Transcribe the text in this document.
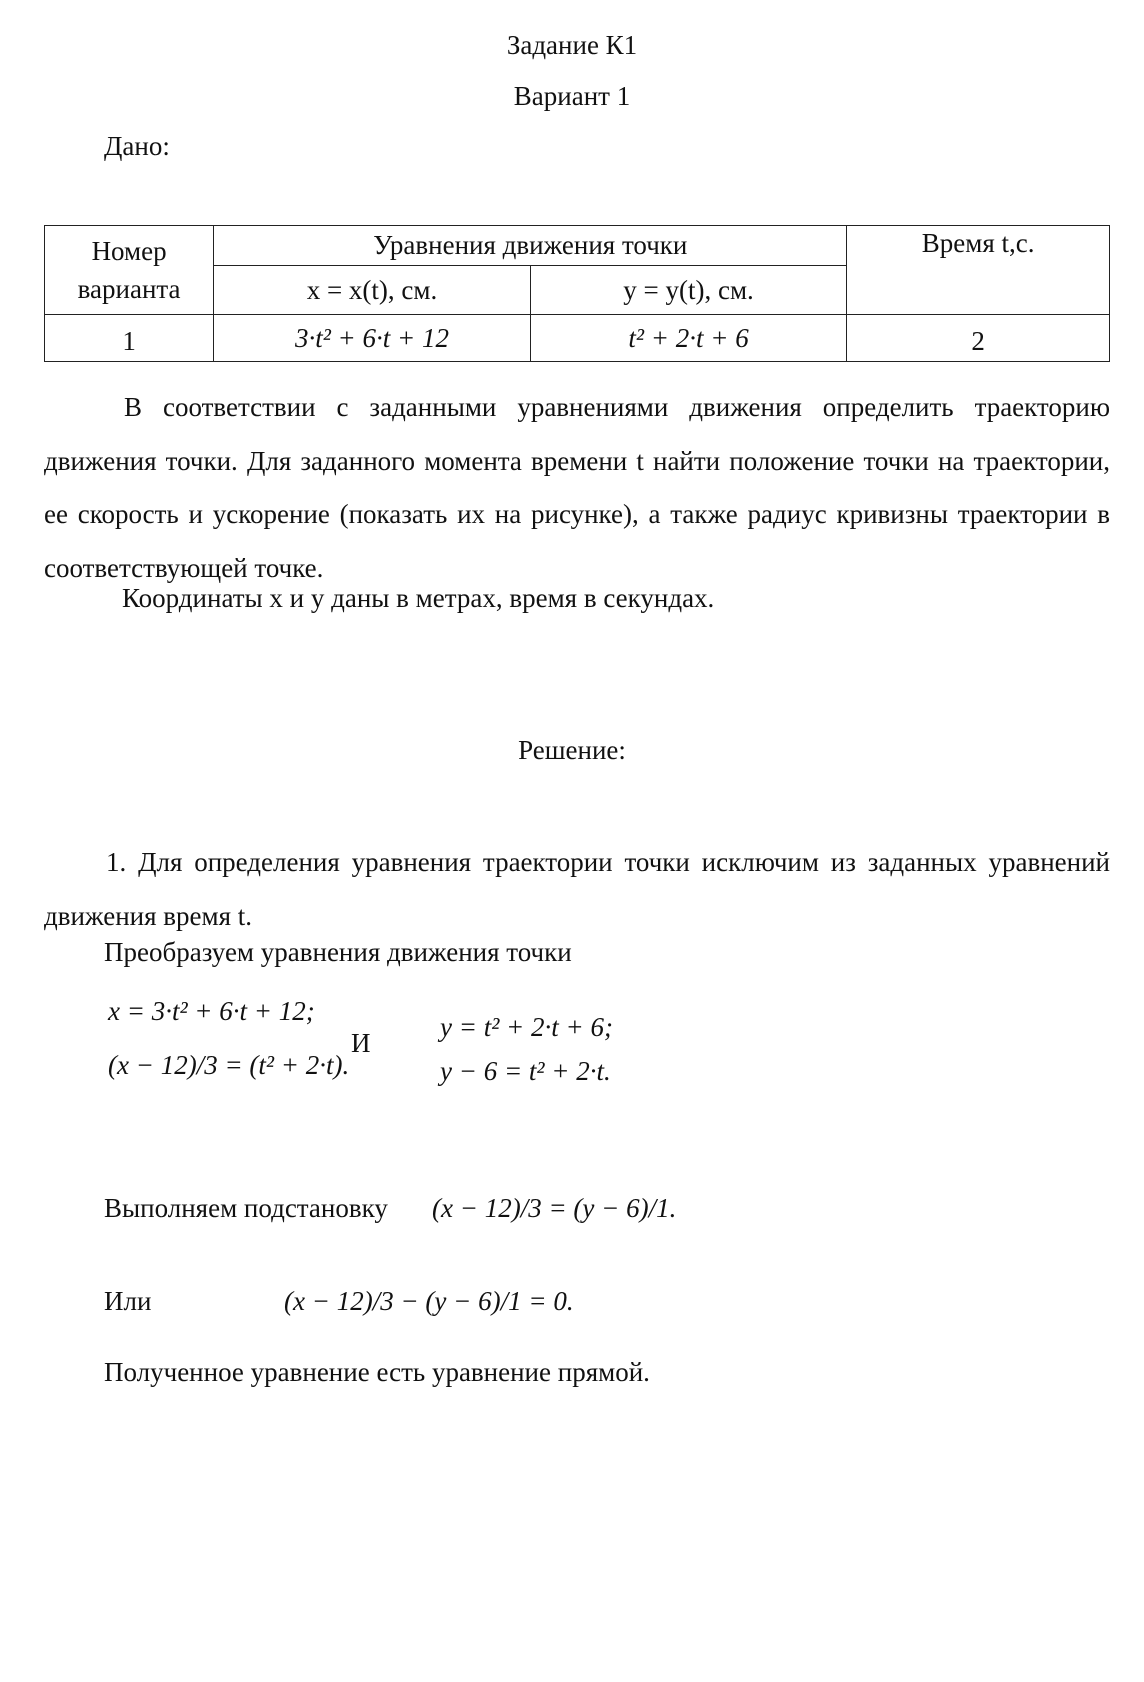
Задание К1
Вариант 1
Дано:
Номер варианта	Уравнения движения точки		Время t,c.
	x = x(t), см.	y = y(t), см.	
1	3·t² + 6·t + 12	t² + 2·t + 6	2
В соответствии с заданными уравнениями движения определить траекторию движения точки. Для заданного момента времени t найти положение точки на траектории, ее скорость и ускорение (показать их на рисунке), а также радиус кривизны траектории в соответствующей точке.
Координаты x и y даны в метрах, время в секундах.
Решение:
1. Для определения уравнения траектории точки исключим из заданных уравнений движения время t.
Преобразуем уравнения движения точки
x = 3·t² + 6·t + 12;
(x − 12)/3 = (t² + 2·t).
И
y = t² + 2·t + 6;
y − 6 = t² + 2·t.
Выполняем подстановку (x − 12)/3 = (y − 6)/1.
Или	(x − 12)/3 − (y − 6)/1 = 0.
Полученное уравнение есть уравнение прямой.
